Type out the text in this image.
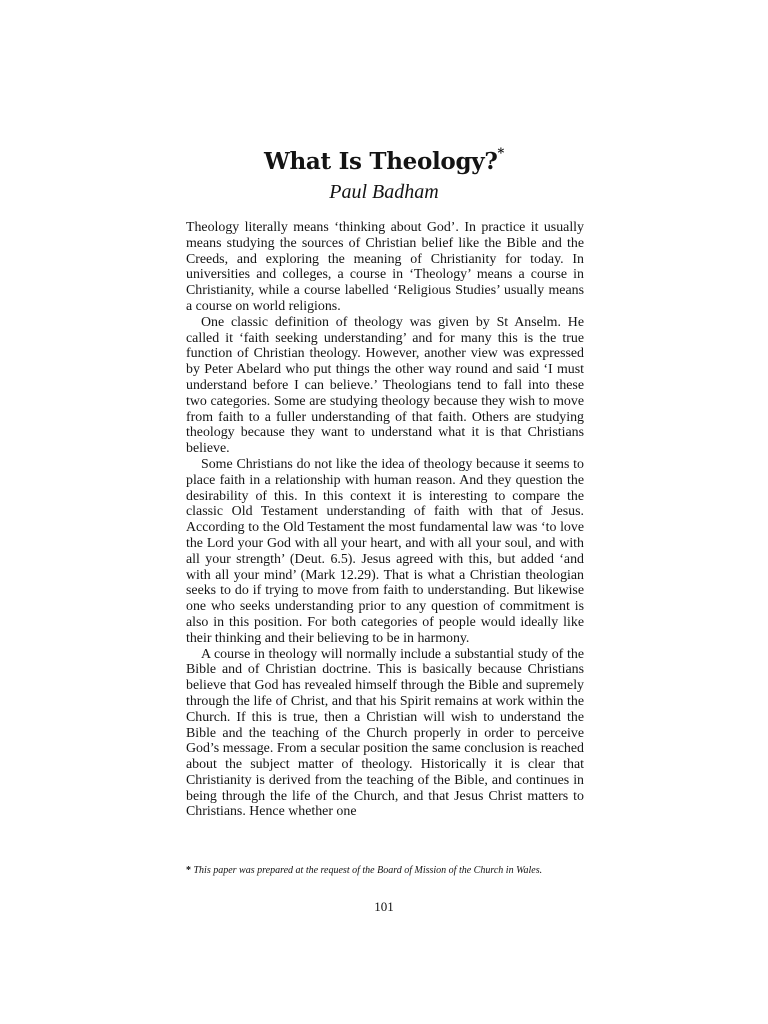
What Is Theology?*

Paul Badham

Theology literally means ‘thinking about God’. In practice it usually means studying the sources of Christian belief like the Bible and the Creeds, and exploring the meaning of Christianity for today. In universities and colleges, a course in ‘Theology’ means a course in Christianity, while a course labelled ‘Religious Studies’ usually means a course on world religions.

One classic definition of theology was given by St Anselm. He called it ‘faith seeking understanding’ and for many this is the true function of Christian theology. However, another view was expressed by Peter Abelard who put things the other way round and said ‘I must understand before I can believe.’ Theologians tend to fall into these two categories. Some are studying theology because they wish to move from faith to a fuller understanding of that faith. Others are studying theology because they want to understand what it is that Christians believe.

Some Christians do not like the idea of theology because it seems to place faith in a relationship with human reason. And they question the desirability of this. In this context it is interesting to compare the classic Old Testament understanding of faith with that of Jesus. According to the Old Testament the most fundamental law was ‘to love the Lord your God with all your heart, and with all your soul, and with all your strength’ (Deut. 6.5). Jesus agreed with this, but added ‘and with all your mind’ (Mark 12.29). That is what a Christian theologian seeks to do if trying to move from faith to understanding. But likewise one who seeks understanding prior to any question of commitment is also in this position. For both categories of people would ideally like their thinking and their believing to be in harmony.

A course in theology will normally include a substantial study of the Bible and of Christian doctrine. This is basically because Christians believe that God has revealed himself through the Bible and supremely through the life of Christ, and that his Spirit remains at work within the Church. If this is true, then a Christian will wish to understand the Bible and the teaching of the Church properly in order to perceive God’s message. From a secular position the same conclusion is reached about the subject matter of theology. Historically it is clear that Christianity is derived from the teaching of the Bible, and continues in being through the life of the Church, and that Jesus Christ matters to Christians. Hence whether one

* This paper was prepared at the request of the Board of Mission of the Church in Wales.

101
